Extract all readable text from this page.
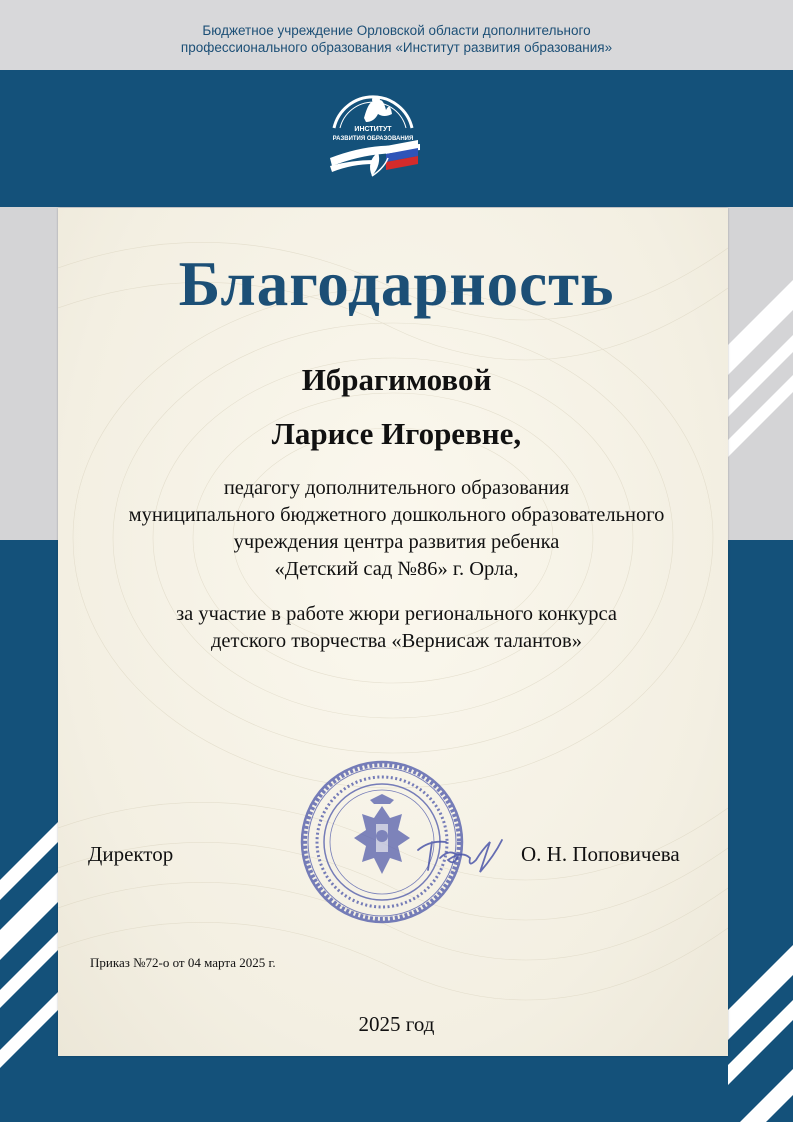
Бюджетное учреждение Орловской области дополнительного
профессионального образования «Институт развития образования»
ИНСТИТУТ
РАЗВИТИЯ ОБРАЗОВАНИЯ
Благодарность
Ибрагимовой
Ларисе Игоревне,
педагогу дополнительного образования
муниципального бюджетного дошкольного образовательного
учреждения центра развития ребенка
«Детский сад №86» г. Орла,
за участие в работе жюри регионального конкурса
детского творчества «Вернисаж талантов»
Директор	О. Н. Поповичева
Приказ №72-о от 04 марта 2025 г.
2025 год
